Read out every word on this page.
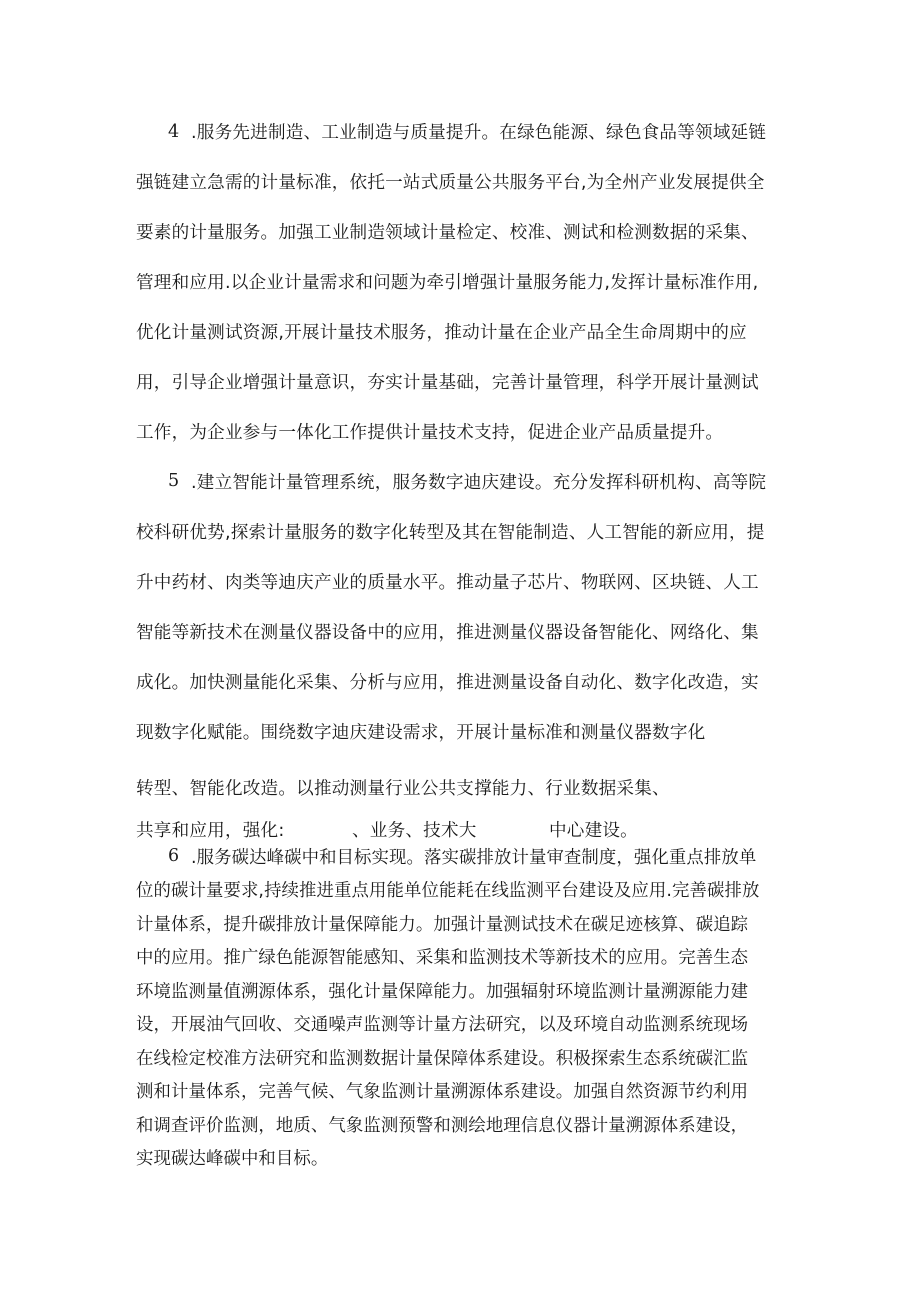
4 .服务先进制造、工业制造与质量提升。在绿色能源、绿色食品等领域延链
强链建立急需的计量标准，依托一站式质量公共服务平台,为全州产业发展提供全
要素的计量服务。加强工业制造领域计量检定、校准、测试和检测数据的采集、
管理和应用.以企业计量需求和问题为牵引增强计量服务能力,发挥计量标准作用,
优化计量测试资源,开展计量技术服务，推动计量在企业产品全生命周期中的应
用，引导企业增强计量意识，夯实计量基础，完善计量管理，科学开展计量测试
工作，为企业参与一体化工作提供计量技术支持，促进企业产品质量提升。
5 .建立智能计量管理系统，服务数字迪庆建设。充分发挥科研机构、高等院
校科研优势,探索计量服务的数字化转型及其在智能制造、人工智能的新应用，提
升中药材、肉类等迪庆产业的质量水平。推动量子芯片、物联网、区块链、人工
智能等新技术在测量仪器设备中的应用，推进测量仪器设备智能化、网络化、集
成化。加快测量能化采集、分析与应用，推进测量设备自动化、数字化改造，实
现数字化赋能。围绕数字迪庆建设需求，开展计量标准和测量仪器数字化
转型、智能化改造。以推动测量行业公共支撑能力、行业数据采集、
共享和应用，强化:	、业务、技术大	中心建设。
6 .服务碳达峰碳中和目标实现。落实碳排放计量审查制度，强化重点排放单
位的碳计量要求,持续推进重点用能单位能耗在线监测平台建设及应用.完善碳排放
计量体系，提升碳排放计量保障能力。加强计量测试技术在碳足迹核算、碳追踪
中的应用。推广绿色能源智能感知、采集和监测技术等新技术的应用。完善生态
环境监测量值溯源体系，强化计量保障能力。加强辐射环境监测计量溯源能力建
设，开展油气回收、交通噪声监测等计量方法研究，以及环境自动监测系统现场
在线检定校准方法研究和监测数据计量保障体系建设。积极探索生态系统碳汇监
测和计量体系，完善气候、气象监测计量溯源体系建设。加强自然资源节约利用
和调查评价监测，地质、气象监测预警和测绘地理信息仪器计量溯源体系建设，
实现碳达峰碳中和目标。
